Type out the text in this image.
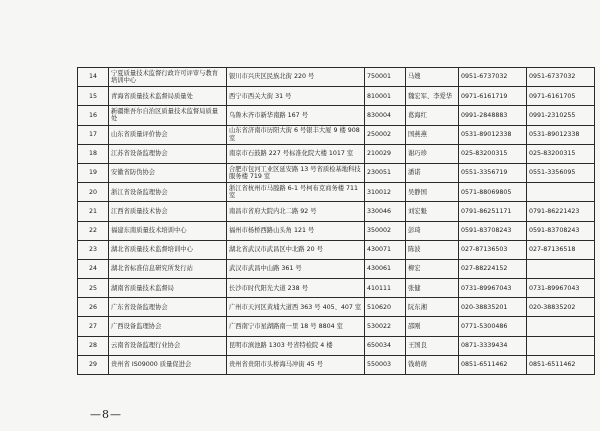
14	宁夏质量技术监督行政许可评审与教育培训中心	银川市兴庆区民族北街 220 号	750001	马嫂	0951-6737032	0951-6737032
15	青海省质量技术监督局质量处	西宁市西关大街 31 号	810001	魏宏军、李爱华	0971-6161719	0971-6161705
16	新疆维吾尔自治区质量技术监督局质量处	乌鲁木齐市新华南路 167 号	830004	葛海红	0991-2848883	0991-2310255
17	山东省质量评价协会	山东省济南市历阳大街 6 号银丰大厦 9 楼 908 室	250002	国燕燕	0531-89012338	0531-89012338
18	江苏省设备监理协会	南京市石鼓路 227 号标准化院大楼 1017 室	210029	谢巧珍	025-83200315	025-83200315
19	安徽省防伪协会	合肥市包河工业区延安路 13 号省质检基地科技服务楼 719 室	230051	潘诺	0551-3356719	0551-3356095
20	浙江省设备监理协会	浙江省杭州市马塍路 6-1 号柯布克商务楼 711 室	310012	吴静国	0571-88069805	
21	江西省质量技术协会	南昌市省府大院内北二路 92 号	330046	刘宏魁	0791-86251171	0791-86221423
22	福建东南质量技术培训中心	福州市杨桥西路山头角 121 号	350002	彭琦	0591-83708243	0591-83708243
23	湖北省质量技术监督培训中心	湖北省武汉市武昌区中北路 20 号	430071	陈波	027-87136503	027-87136518
24	湖北省标准信息研究所发行站	武汉市武昌中山路 361 号	430061	柳宏	027-88224152	
25	湖南省质量技术监督局	长沙市时代阳光大道 238 号	410111	张健	0731-89967043	0731-89967043
26	广东省设备监理协会	广州市天河区黄埔大道西 363 号 405、407 室	510620	阮东湘	020-38835201	020-38835202
27	广西设备监理协会	广西南宁市星湖路南一里 18 号 8804 室	530022	邵刚	0771-5300486	
28	云南省设备监理行业协会	昆明市滇池路 1303 号省特检院 4 楼	650034	王国良	0871-3339434	
29	贵州省 IS09000 质量促进会	贵州省贵阳市头桥海马冲街 45 号	550003	钱萌萌	0851-6511462	0851-6511462
—8—
